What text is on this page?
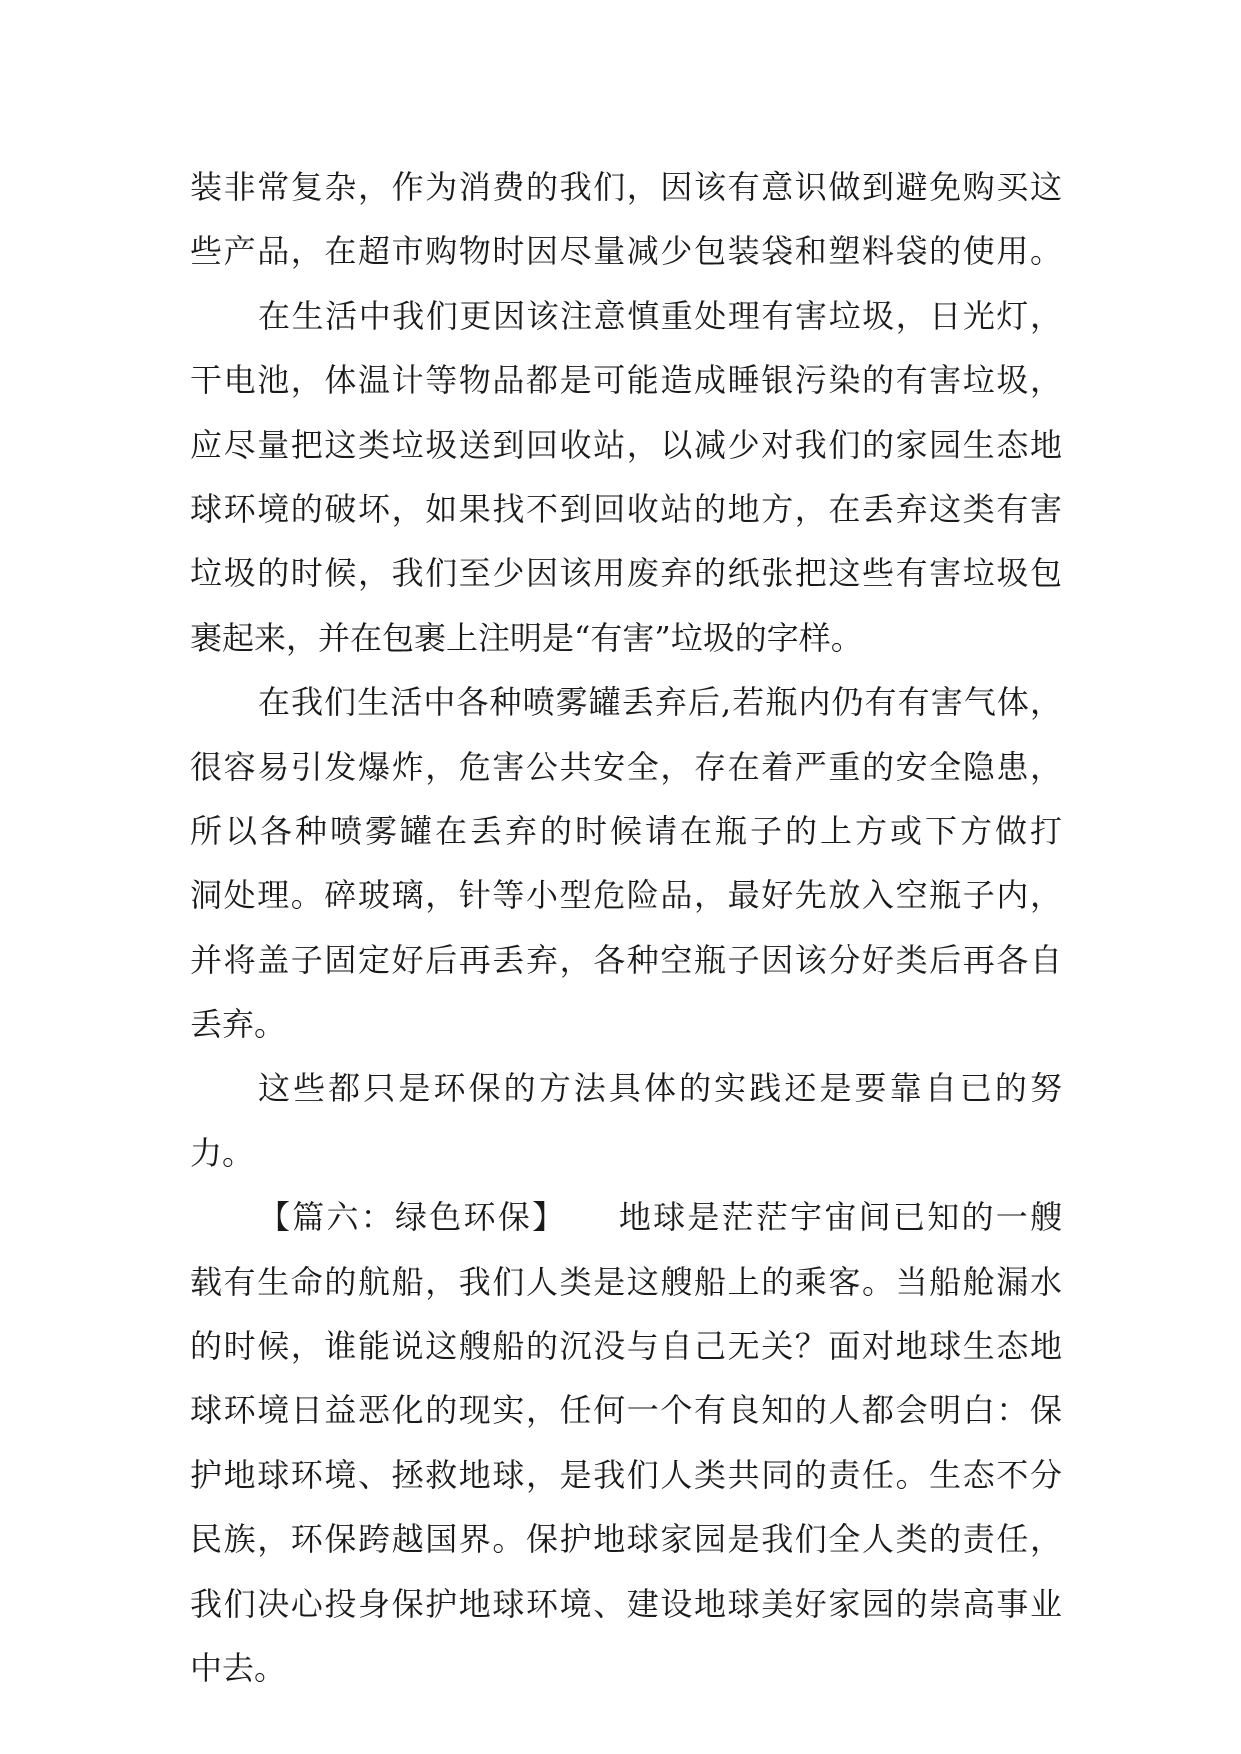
装非常复杂，作为消费的我们，因该有意识做到避免购买这
些产品，在超市购物时因尽量减少包装袋和塑料袋的使用。
在生活中我们更因该注意慎重处理有害垃圾，日光灯，
干电池，体温计等物品都是可能造成睡银污染的有害垃圾，
应尽量把这类垃圾送到回收站，以减少对我们的家园生态地
球环境的破坏，如果找不到回收站的地方，在丢弃这类有害
垃圾的时候，我们至少因该用废弃的纸张把这些有害垃圾包
裹起来，并在包裹上注明是“有害”垃圾的字样。
在我们生活中各种喷雾罐丢弃后,若瓶内仍有有害气体，
很容易引发爆炸，危害公共安全，存在着严重的安全隐患，
所以各种喷雾罐在丢弃的时候请在瓶子的上方或下方做打
洞处理。碎玻璃，针等小型危险品，最好先放入空瓶子内，
并将盖子固定好后再丢弃，各种空瓶子因该分好类后再各自
丢弃。
这些都只是环保的方法具体的实践还是要靠自已的努
力。
【篇六：绿色环保】　　地球是茫茫宇宙间已知的一艘
载有生命的航船，我们人类是这艘船上的乘客。当船舱漏水
的时候，谁能说这艘船的沉没与自己无关？面对地球生态地
球环境日益恶化的现实，任何一个有良知的人都会明白：保
护地球环境、拯救地球，是我们人类共同的责任。生态不分
民族，环保跨越国界。保护地球家园是我们全人类的责任，
我们决心投身保护地球环境、建设地球美好家园的崇高事业
中去。
